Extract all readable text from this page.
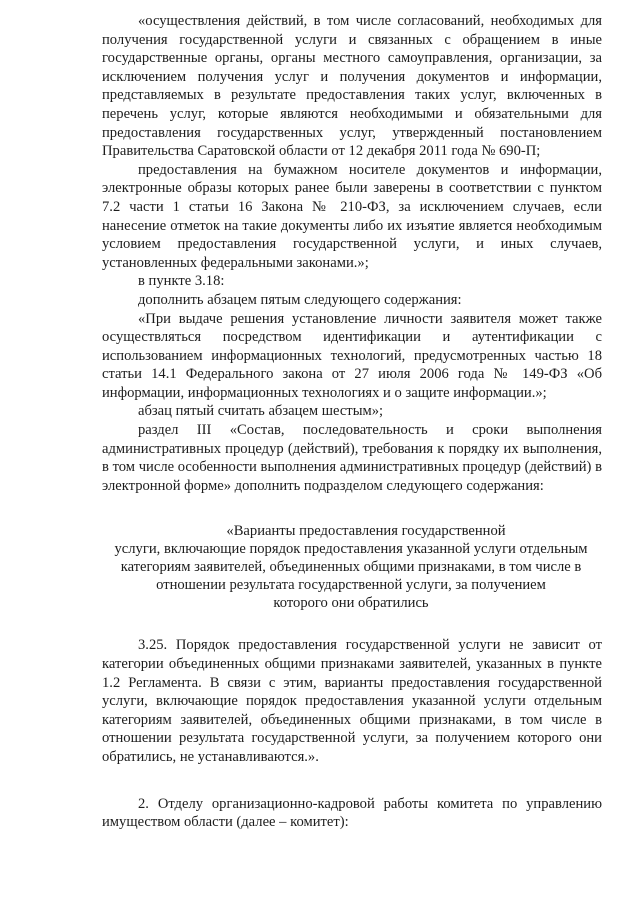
«осуществления действий, в том числе согласований, необходимых для получения государственной услуги и связанных с обращением в иные государственные органы, органы местного самоуправления, организации, за исключением получения услуг и получения документов и информации, представляемых в результате предоставления таких услуг, включенных в перечень услуг, которые являются необходимыми и обязательными для предоставления государственных услуг, утвержденный постановлением Правительства Саратовской области от 12 декабря 2011 года № 690-П;

предоставления на бумажном носителе документов и информации, электронные образы которых ранее были заверены в соответствии с пунктом 7.2 части 1 статьи 16 Закона № 210-ФЗ, за исключением случаев, если нанесение отметок на такие документы либо их изъятие является необходимым условием предоставления государственной услуги, и иных случаев, установленных федеральными законами.»;

в пункте 3.18:

дополнить абзацем пятым следующего содержания:

«При выдаче решения установление личности заявителя может также осуществляться посредством идентификации и аутентификации с использованием информационных технологий, предусмотренных частью 18 статьи 14.1 Федерального закона от 27 июля 2006 года № 149-ФЗ «Об информации, информационных технологиях и о защите информации.»;

абзац пятый считать абзацем шестым»;

раздел III «Состав, последовательность и сроки выполнения административных процедур (действий), требования к порядку их выполнения, в том числе особенности выполнения административных процедур (действий) в электронной форме» дополнить подразделом следующего содержания:

«Варианты предоставления государственной
услуги, включающие порядок предоставления указанной услуги отдельным
категориям заявителей, объединенных общими признаками, в том числе в
отношении результата государственной услуги, за получением
которого они обратились

3.25. Порядок предоставления государственной услуги не зависит от категории объединенных общими признаками заявителей, указанных в пункте 1.2 Регламента. В связи с этим, варианты предоставления государственной услуги, включающие порядок предоставления указанной услуги отдельным категориям заявителей, объединенных общими признаками, в том числе в отношении результата государственной услуги, за получением которого они обратились, не устанавливаются.».

2. Отделу организационно-кадровой работы комитета по управлению имуществом области (далее – комитет):
